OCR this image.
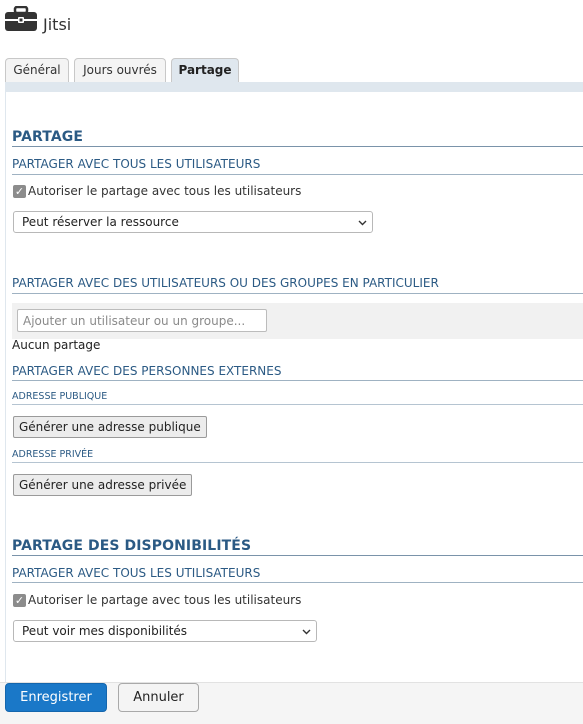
Jitsi
Général	Jours ouvrés	Partage
PARTAGE
PARTAGER AVEC TOUS LES UTILISATEURS
✓ Autoriser le partage avec tous les utilisateurs
Peut réserver la ressource
PARTAGER AVEC DES UTILISATEURS OU DES GROUPES EN PARTICULIER
Ajouter un utilisateur ou un groupe...
Aucun partage
PARTAGER AVEC DES PERSONNES EXTERNES
ADRESSE PUBLIQUE
Générer une adresse publique
ADRESSE PRIVÉE
Générer une adresse privée
PARTAGE DES DISPONIBILITÉS
PARTAGER AVEC TOUS LES UTILISATEURS
✓ Autoriser le partage avec tous les utilisateurs
Peut voir mes disponibilités
Enregistrer	Annuler
